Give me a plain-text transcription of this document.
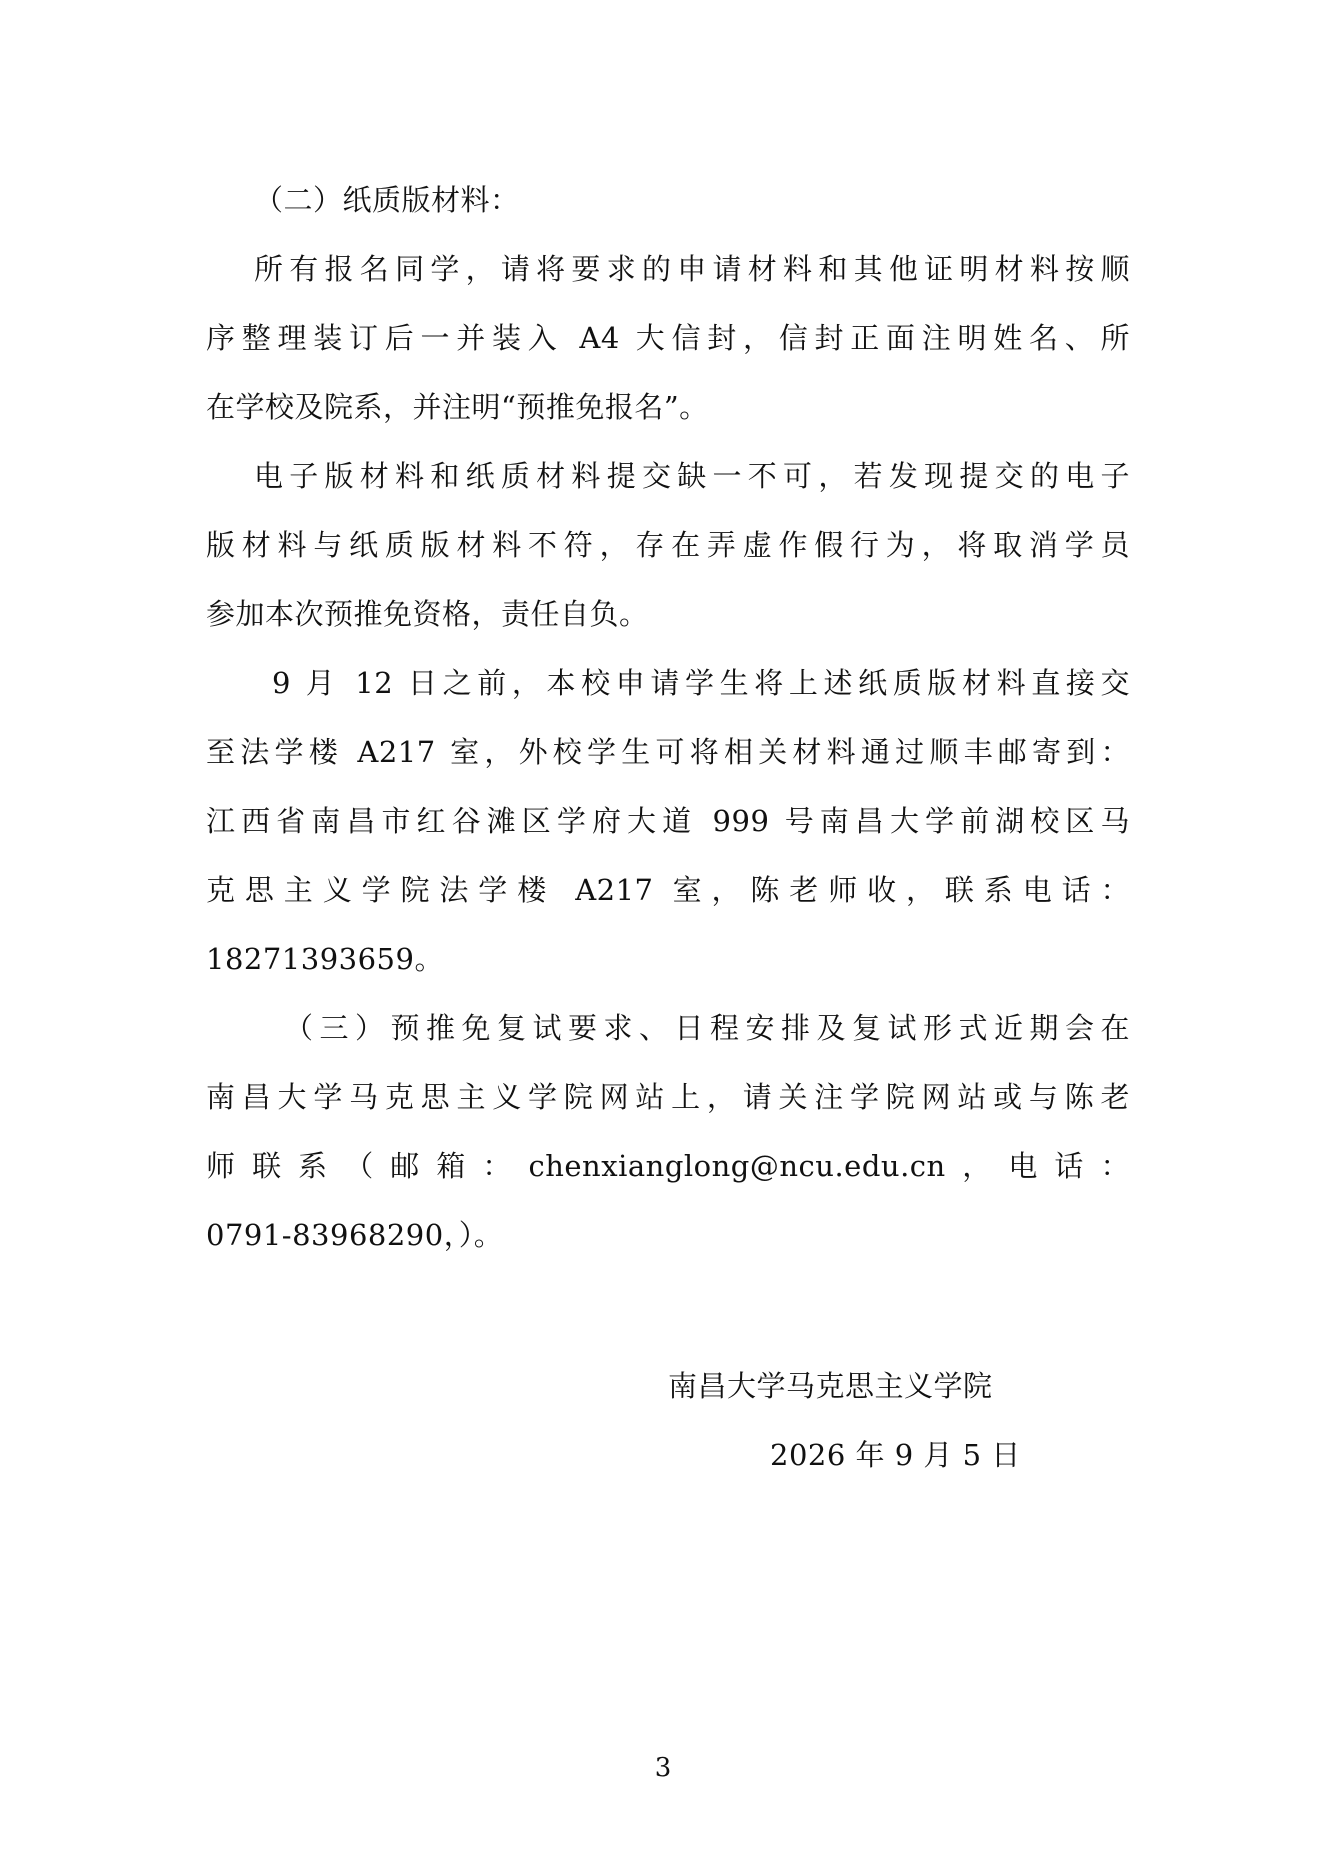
（二）纸质版材料：
所有报名同学，请将要求的申请材料和其他证明材料按顺
序整理装订后一并装入 A4 大信封，信封正面注明姓名、所
在学校及院系，并注明“预推免报名”。
电子版材料和纸质材料提交缺一不可，若发现提交的电子
版材料与纸质版材料不符，存在弄虚作假行为，将取消学员
参加本次预推免资格，责任自负。
9 月 12 日之前，本校申请学生将上述纸质版材料直接交
至法学楼 A217 室，外校学生可将相关材料通过顺丰邮寄到：
江西省南昌市红谷滩区学府大道 999 号南昌大学前湖校区马
克思主义学院法学楼 A217 室，陈老师收，联系电话：
18271393659。
（三）预推免复试要求、日程安排及复试形式近期会在
南昌大学马克思主义学院网站上，请关注学院网站或与陈老
师联系（邮箱：chenxianglong@ncu.edu.cn，电话：
0791-83968290，）。
南昌大学马克思主义学院
2026 年 9 月 5 日
3
